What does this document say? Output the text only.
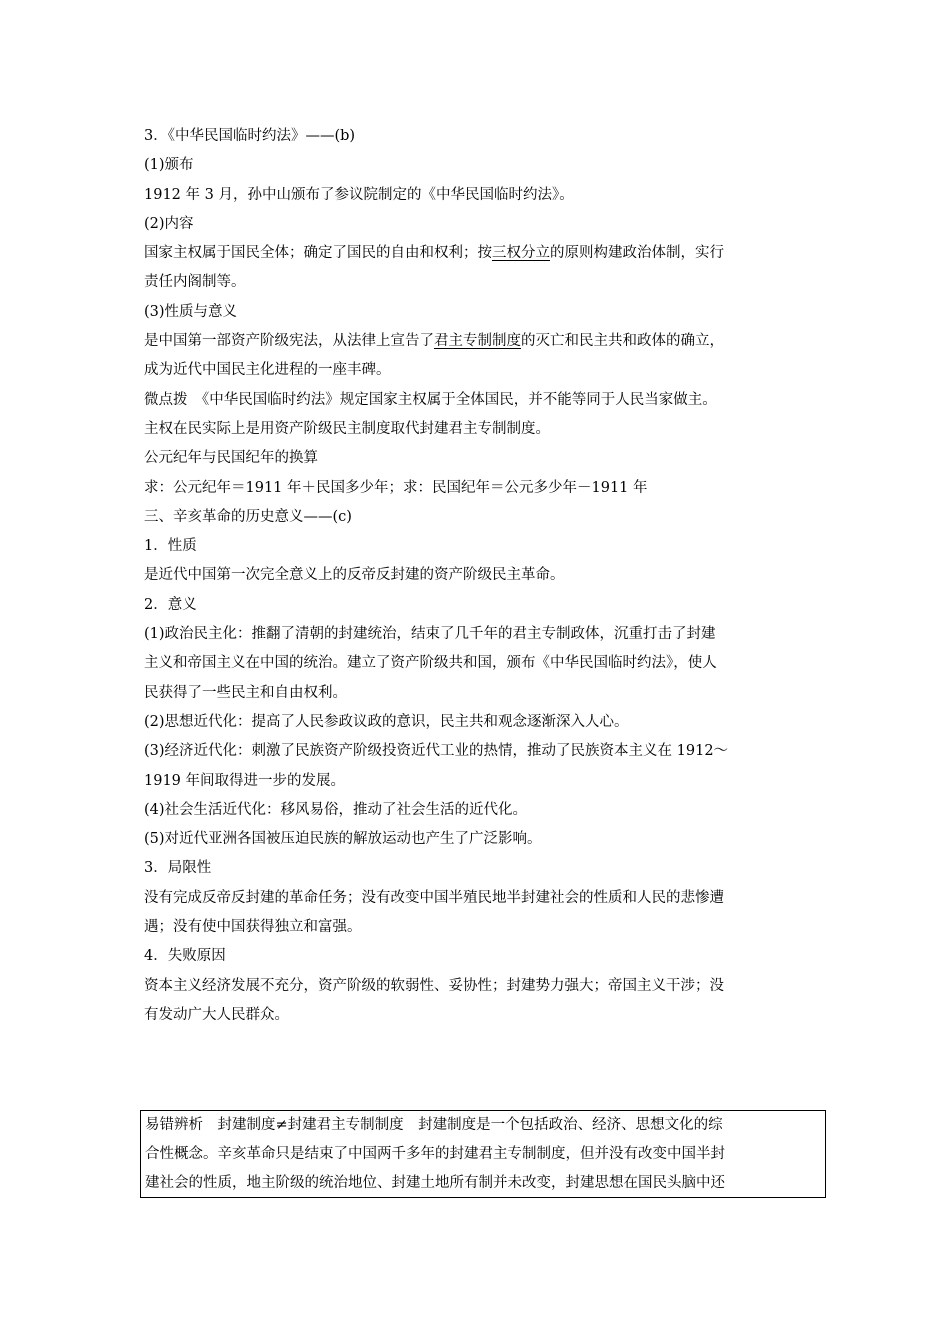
3．《中华民国临时约法》——(b)
(1)颁布
1912 年 3 月，孙中山颁布了参议院制定的《中华民国临时约法》。
(2)内容
国家主权属于国民全体；确定了国民的自由和权利；按三权分立的原则构建政治体制，实行
责任内阁制等。
(3)性质与意义
是中国第一部资产阶级宪法，从法律上宣告了君主专制制度的灭亡和民主共和政体的确立，
成为近代中国民主化进程的一座丰碑。
微点拨　《中华民国临时约法》规定国家主权属于全体国民，并不能等同于人民当家做主。
主权在民实际上是用资产阶级民主制度取代封建君主专制制度。
公元纪年与民国纪年的换算
求：公元纪年＝1911 年＋民国多少年；求：民国纪年＝公元多少年－1911 年
三、辛亥革命的历史意义——(c)
1．性质
是近代中国第一次完全意义上的反帝反封建的资产阶级民主革命。
2．意义
(1)政治民主化：推翻了清朝的封建统治，结束了几千年的君主专制政体，沉重打击了封建
主义和帝国主义在中国的统治。建立了资产阶级共和国，颁布《中华民国临时约法》，使人
民获得了一些民主和自由权利。
(2)思想近代化：提高了人民参政议政的意识，民主共和观念逐渐深入人心。
(3)经济近代化：刺激了民族资产阶级投资近代工业的热情，推动了民族资本主义在 1912～
1919 年间取得进一步的发展。
(4)社会生活近代化：移风易俗，推动了社会生活的近代化。
(5)对近代亚洲各国被压迫民族的解放运动也产生了广泛影响。
3．局限性
没有完成反帝反封建的革命任务；没有改变中国半殖民地半封建社会的性质和人民的悲惨遭
遇；没有使中国获得独立和富强。
4．失败原因
资本主义经济发展不充分，资产阶级的软弱性、妥协性；封建势力强大；帝国主义干涉；没
有发动广大人民群众。
易错辨析　封建制度≠封建君主专制制度　封建制度是一个包括政治、经济、思想文化的综
合性概念。辛亥革命只是结束了中国两千多年的封建君主专制制度，但并没有改变中国半封
建社会的性质，地主阶级的统治地位、封建土地所有制并未改变，封建思想在国民头脑中还
